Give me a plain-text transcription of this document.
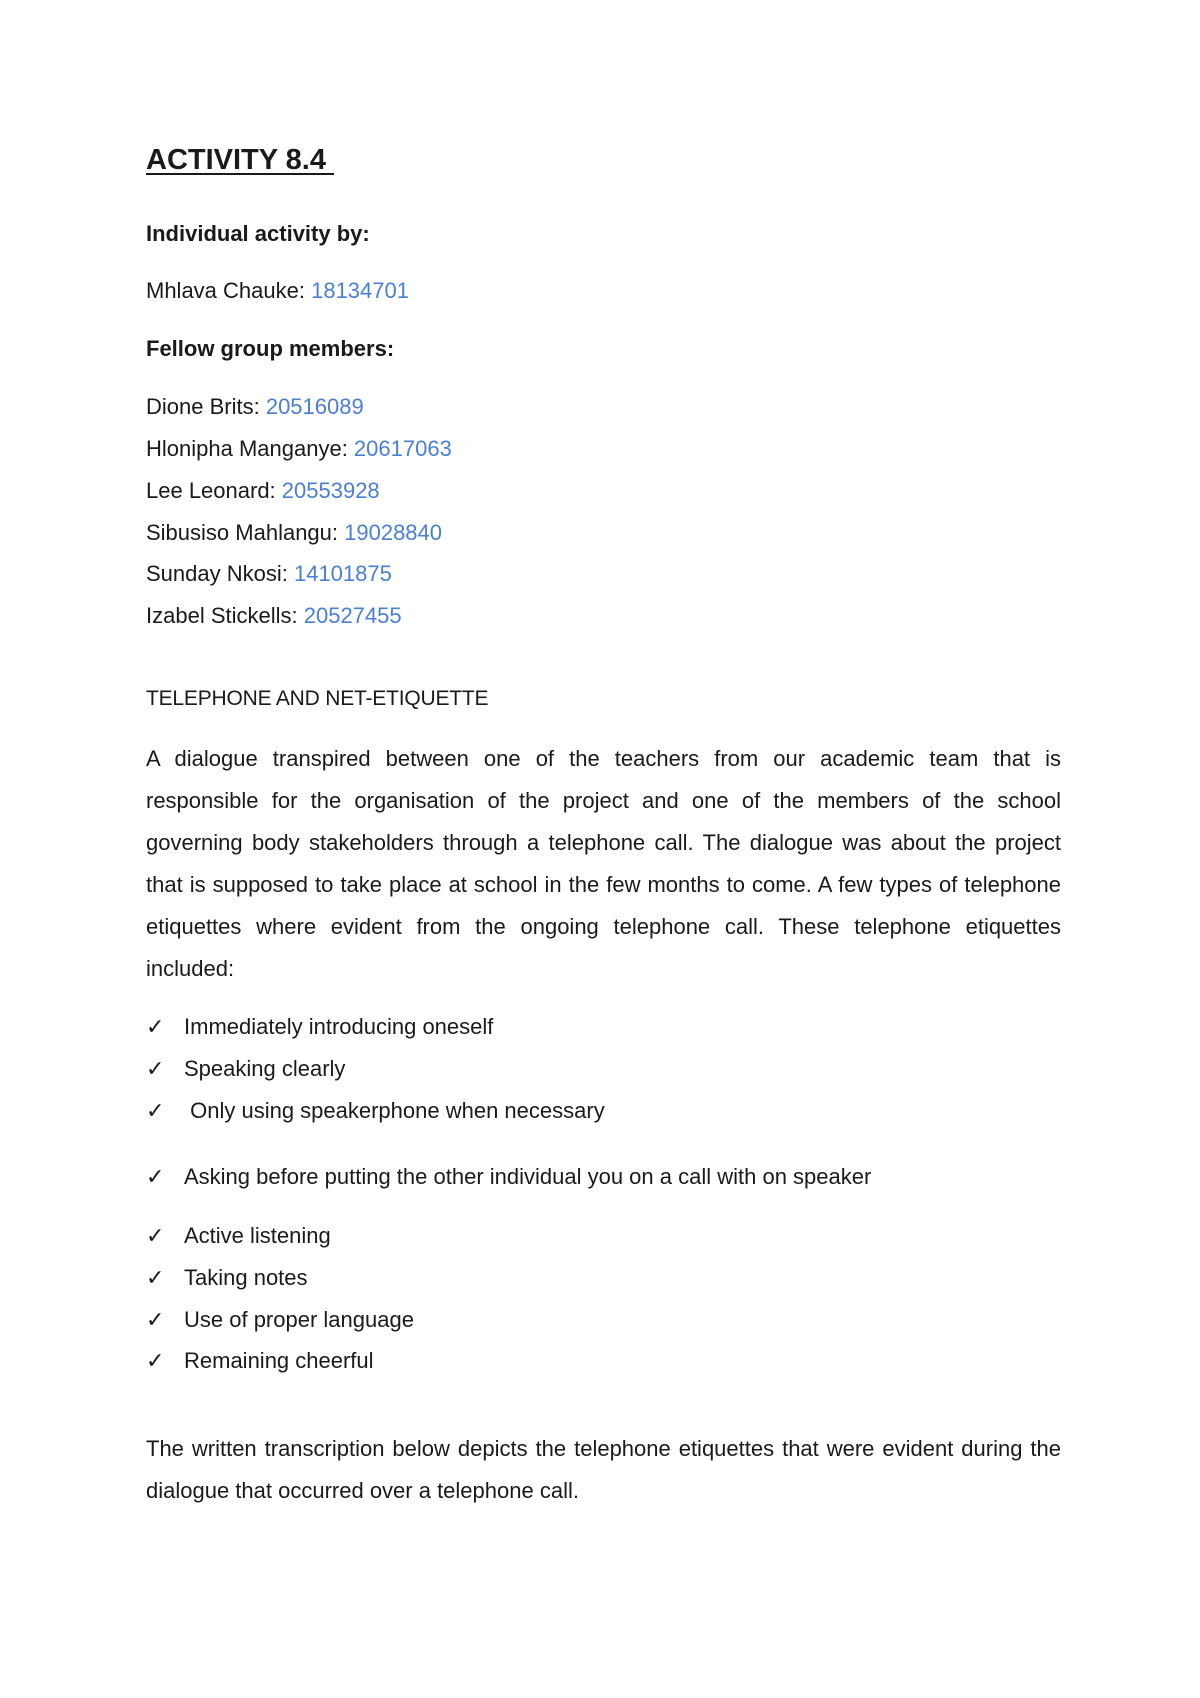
ACTIVITY 8.4

Individual activity by:

Mhlava Chauke: 18134701

Fellow group members:

Dione Brits: 20516089

Hlonipha Manganye: 20617063

Lee Leonard: 20553928

Sibusiso Mahlangu: 19028840

Sunday Nkosi: 14101875

Izabel Stickells: 20527455

TELEPHONE AND NET-ETIQUETTE

A dialogue transpired between one of the teachers from our academic team that is responsible for the organisation of the project and one of the members of the school governing body stakeholders through a telephone call. The dialogue was about the project that is supposed to take place at school in the few months to come. A few types of telephone etiquettes where evident from the ongoing telephone call. These telephone etiquettes included:

✓ Immediately introducing oneself
✓ Speaking clearly
✓ Only using speakerphone when necessary
✓ Asking before putting the other individual you on a call with on speaker
✓ Active listening
✓ Taking notes
✓ Use of proper language
✓ Remaining cheerful

The written transcription below depicts the telephone etiquettes that were evident during the dialogue that occurred over a telephone call.
